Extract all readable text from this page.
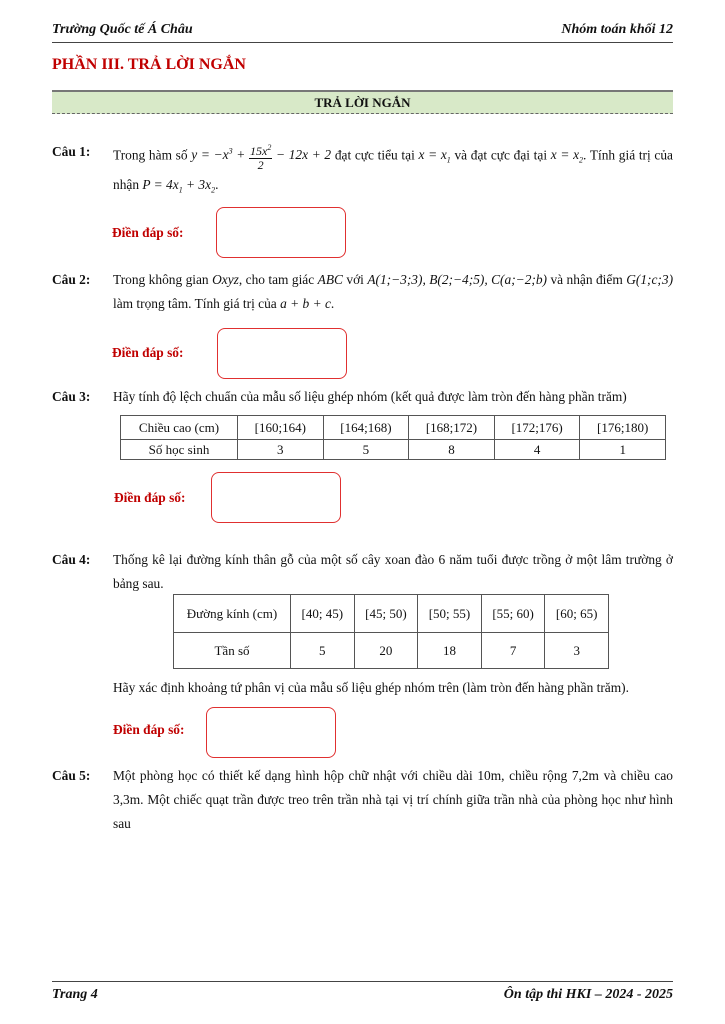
Trường Quốc tế Á Châu	Nhóm toán khối 12
PHẦN III. TRẢ LỜI NGẮN
TRẢ LỜI NGẮN
Câu 1: Trong hàm số $y = -x^3 + \frac{15x^2}{2} - 12x + 2$ đạt cực tiểu tại $x = x_1$ và đạt cực đại tại $x = x_2$. Tính giá trị của nhận $P = 4x_1 + 3x_2$.
Điền đáp số:
Câu 2: Trong không gian Oxyz, cho tam giác ABC với A(1;−3;3), B(2;−4;5), C(a;−2;b) và nhận điểm G(1;c;3) làm trọng tâm. Tính giá trị của a + b + c.
Điền đáp số:
Câu 3: Hãy tính độ lệch chuẩn của mẫu số liệu ghép nhóm (kết quả được làm tròn đến hàng phần trăm)
Chiều cao (cm)	[160;164)	[164;168)	[168;172)	[172;176)	[176;180)
Số học sinh	3	5	8	4	1
Điền đáp số:
Câu 4: Thống kê lại đường kính thân gỗ của một số cây xoan đào 6 năm tuổi được trồng ở một lâm trường ở bảng sau.
Đường kính (cm)	[40; 45)	[45; 50)	[50; 55)	[55; 60)	[60; 65)
Tần số	5	20	18	7	3
Hãy xác định khoảng tứ phân vị của mẫu số liệu ghép nhóm trên (làm tròn đến hàng phần trăm).
Điền đáp số:
Câu 5: Một phòng học có thiết kế dạng hình hộp chữ nhật với chiều dài 10m, chiều rộng 7,2m và chiều cao 3,3m. Một chiếc quạt trần được treo trên trần nhà tại vị trí chính giữa trần nhà của phòng học như hình sau
Trang 4	Ôn tập thi HKI – 2024 - 2025
